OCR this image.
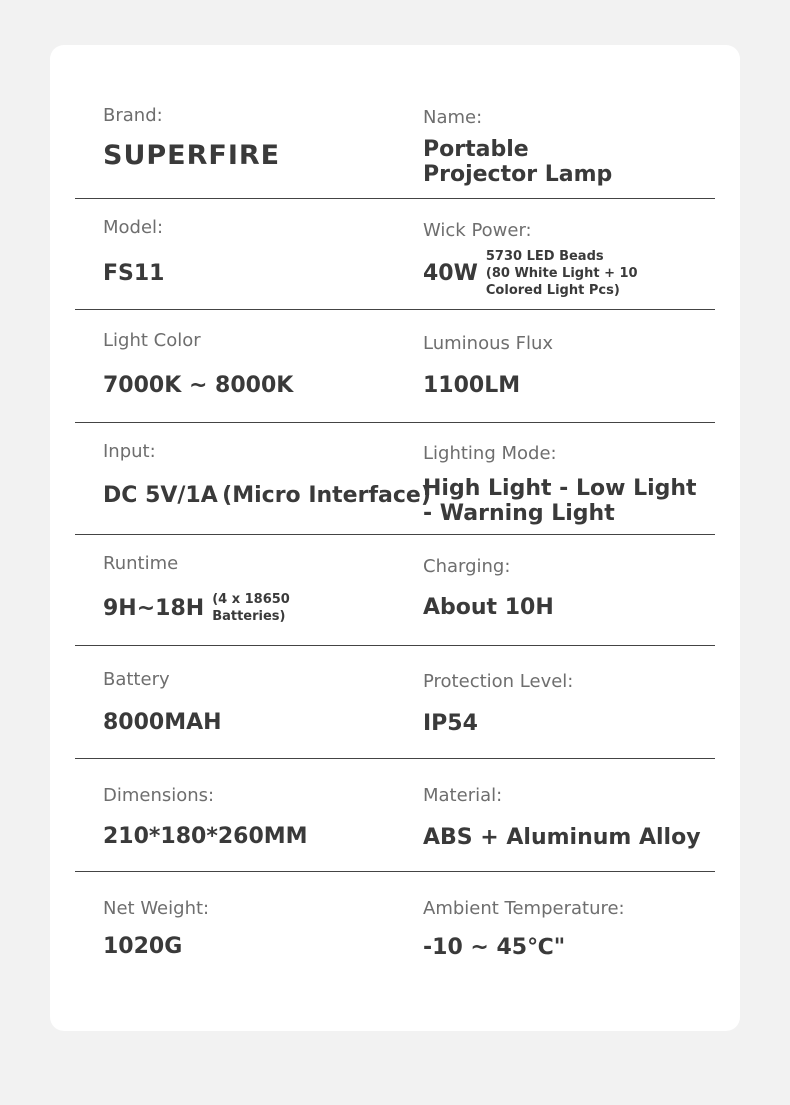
Brand:
SUPERFIRE
Name:
Portable
Projector Lamp
Model:
FS11
Wick Power:
40W
5730 LED Beads
(80 White Light + 10
Colored Light Pcs)
Light Color
7000K ~ 8000K
Luminous Flux
1100LM
Input:
DC 5V/1A (Micro Interface)
Lighting Mode:
High Light - Low Light - Warning Light
Runtime
9H~18H (4 x 18650
Batteries)
Charging:
About 10H
Battery
8000MAH
Protection Level:
IP54
Dimensions:
210*180*260MM
Material:
ABS + Aluminum Alloy
Net Weight:
1020G
Ambient Temperature:
-10 ~ 45℃"
